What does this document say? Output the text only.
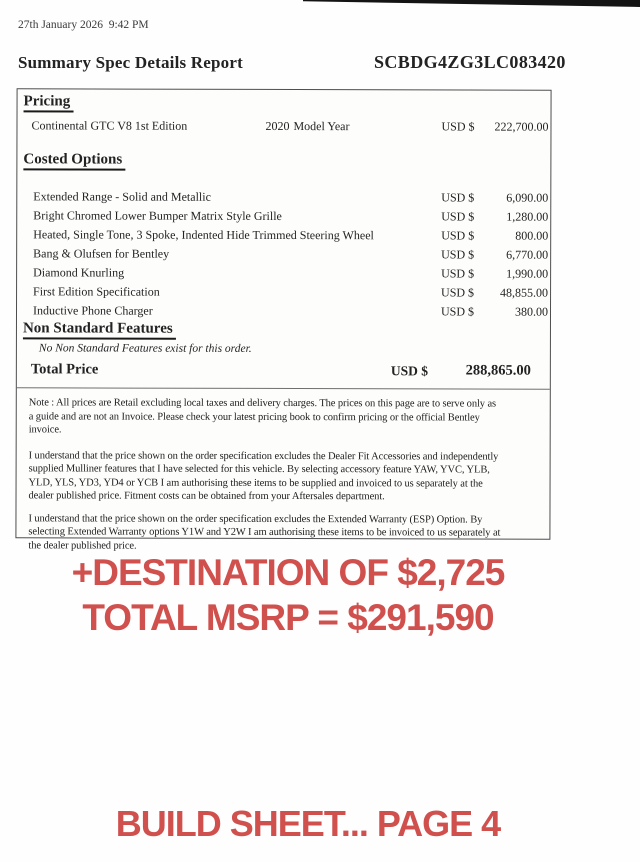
27th January 2026  9:42 PM
Summary Spec Details Report	SCBDG4ZG3LC083420
Pricing
Continental GTC V8 1st Edition	2020 Model Year	USD $	222,700.00
Costed Options
Extended Range - Solid and Metallic	USD $	6,090.00
Bright Chromed Lower Bumper Matrix Style Grille	USD $	1,280.00
Heated, Single Tone, 3 Spoke, Indented Hide Trimmed Steering Wheel	USD $	800.00
Bang & Olufsen for Bentley	USD $	6,770.00
Diamond Knurling	USD $	1,990.00
First Edition Specification	USD $	48,855.00
Inductive Phone Charger	USD $	380.00
Non Standard Features
No Non Standard Features exist for this order.
Total Price	USD $	288,865.00
Note : All prices are Retail excluding local taxes and delivery charges. The prices on this page are to serve only as
a guide and are not an Invoice. Please check your latest pricing book to confirm pricing or the official Bentley
invoice.
I understand that the price shown on the order specification excludes the Dealer Fit Accessories and independently
supplied Mulliner features that I have selected for this vehicle. By selecting accessory feature YAW, YVC, YLB,
YLD, YLS, YD3, YD4 or YCB I am authorising these items to be supplied and invoiced to us separately at the
dealer published price. Fitment costs can be obtained from your Aftersales department.
I understand that the price shown on the order specification excludes the Extended Warranty (ESP) Option. By
selecting Extended Warranty options Y1W and Y2W I am authorising these items to be invoiced to us separately at
the dealer published price.
+DESTINATION OF $2,725
TOTAL MSRP = $291,590
BUILD SHEET... PAGE 4
